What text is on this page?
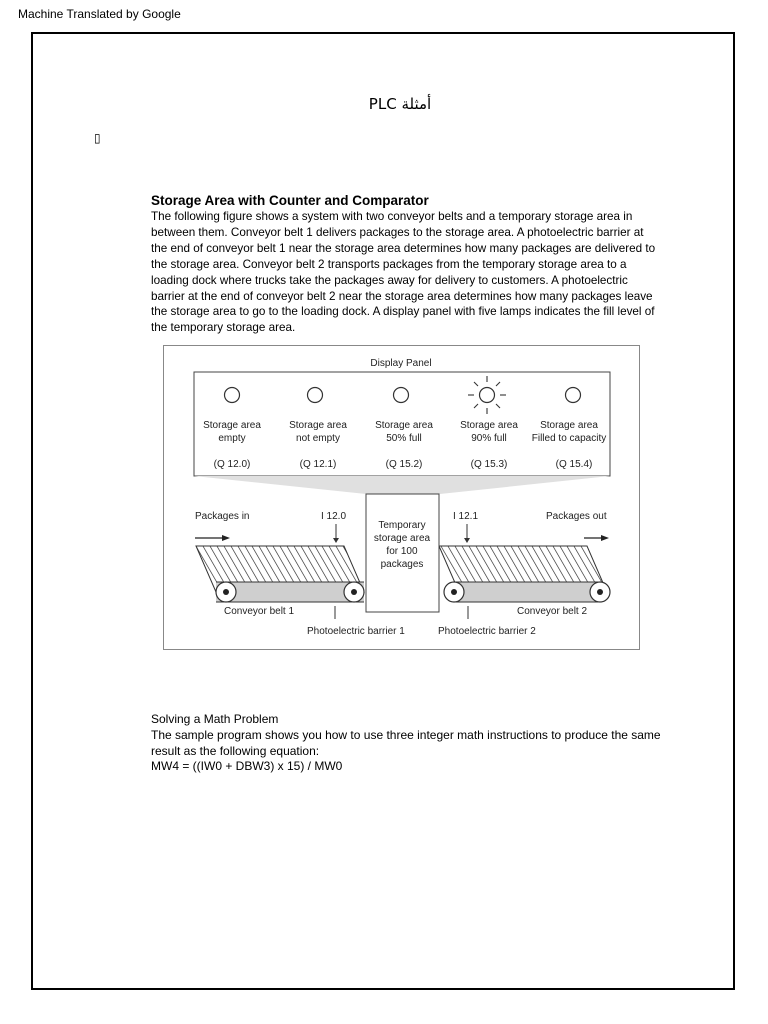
Machine Translated by Google
أمثلة PLC
▯
Storage Area with Counter and Comparator
The following figure shows a system with two conveyor belts and a temporary storage area in
between them. Conveyor belt 1 delivers packages to the storage area. A photoelectric barrier at
the end of conveyor belt 1 near the storage area determines how many packages are delivered to
the storage area. Conveyor belt 2 transports packages from the temporary storage area to a
loading dock where trucks take the packages away for delivery to customers. A photoelectric
barrier at the end of conveyor belt 2 near the storage area determines how many packages leave
the storage area to go to the loading dock. A display panel with five lamps indicates the fill level of
the temporary storage area.
Display Panel
Storage area
empty
(Q 12.0)
Storage area
not empty
(Q 12.1)
Storage area
50% full
(Q 15.2)
Storage area
90% full
(Q 15.3)
Storage area
Filled to capacity
(Q 15.4)
Packages in	I 12.0	I 12.1	Packages out
Temporary
storage area
for 100
packages
Conveyor belt 1	Conveyor belt 2
Photoelectric barrier 1	Photoelectric barrier 2
Solving a Math Problem
The sample program shows you how to use three integer math instructions to produce the same
result as the following equation:
MW4 = ((IW0 + DBW3) x 15) / MW0
